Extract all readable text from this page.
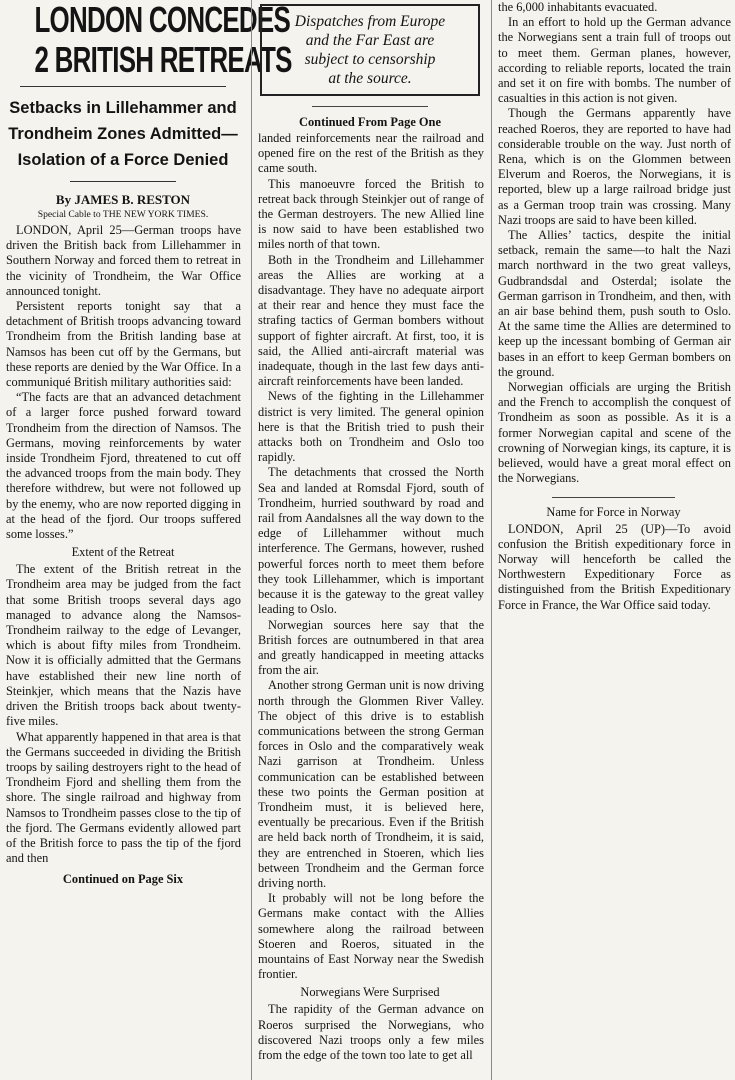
LONDON CONCEDES
2 BRITISH RETREATS
Setbacks in Lillehammer and
Trondheim Zones Admitted—
Isolation of a Force Denied
By JAMES B. RESTON
Special Cable to THE NEW YORK TIMES.

LONDON, April 25—German troops have driven the British back from Lillehammer in Southern Norway and forced them to retreat in the vicinity of Trondheim, the War Office announced tonight.

Persistent reports tonight say that a detachment of British troops advancing toward Trondheim from the British landing base at Namsos has been cut off by the Germans, but these reports are denied by the War Office. In a communiqué British military authorities said:

“The facts are that an advanced detachment of a larger force pushed forward toward Trondheim from the direction of Namsos. The Germans, moving reinforcements by water inside Trondheim Fjord, threatened to cut off the advanced troops from the main body. They therefore withdrew, but were not followed up by the enemy, who are now reported digging in at the head of the fjord. Our troops suffered some losses.”

Extent of the Retreat

The extent of the British retreat in the Trondheim area may be judged from the fact that some British troops several days ago managed to advance along the Namsos-Trondheim railway to the edge of Levanger, which is about fifty miles from Trondheim. Now it is officially admitted that the Germans have established their new line north of Steinkjer, which means that the Nazis have driven the British troops back about twenty-five miles.

What apparently happened in that area is that the Germans succeeded in dividing the British troops by sailing destroyers right to the head of Trondheim Fjord and shelling them from the shore. The single railroad and highway from Namsos to Trondheim passes close to the tip of the fjord. The Germans evidently allowed part of the British force to pass the tip of the fjord and then

Continued on Page Six
Dispatches from Europe
and the Far East are
subject to censorship
at the source.
Continued From Page One

landed reinforcements near the railroad and opened fire on the rest of the British as they came south.

This manoeuvre forced the British to retreat back through Steinkjer out of range of the German destroyers. The new Allied line is now said to have been established two miles north of that town.

Both in the Trondheim and Lillehammer areas the Allies are working at a disadvantage. They have no adequate airport at their rear and hence they must face the strafing tactics of German bombers without support of fighter aircraft. At first, too, it is said, the Allied anti-aircraft material was inadequate, though in the last few days anti-aircraft reinforcements have been landed.

News of the fighting in the Lillehammer district is very limited. The general opinion here is that the British tried to push their attacks both on Trondheim and Oslo too rapidly.

The detachments that crossed the North Sea and landed at Romsdal Fjord, south of Trondheim, hurried southward by road and rail from Aandalsnes all the way down to the edge of Lillehammer without much interference. The Germans, however, rushed powerful forces north to meet them before they took Lillehammer, which is important because it is the gateway to the great valley leading to Oslo.

Norwegian sources here say that the British forces are outnumbered in that area and greatly handicapped in meeting attacks from the air.

Another strong German unit is now driving north through the Glommen River Valley. The object of this drive is to establish communications between the strong German forces in Oslo and the comparatively weak Nazi garrison at Trondheim. Unless communication can be established between these two points the German position at Trondheim must, it is believed here, eventually be precarious. Even if the British are held back north of Trondheim, it is said, they are entrenched in Stoeren, which lies between Trondheim and the German force driving north.

It probably will not be long before the Germans make contact with the Allies somewhere along the railroad between Stoeren and Roeros, situated in the mountains of East Norway near the Swedish frontier.

Norwegians Were Surprised

The rapidity of the German advance on Roeros surprised the Norwegians, who discovered Nazi troops only a few miles from the edge of the town too late to get all

the 6,000 inhabitants evacuated.

In an effort to hold up the German advance the Norwegians sent a train full of troops out to meet them. German planes, however, according to reliable reports, located the train and set it on fire with bombs. The number of casualties in this action is not given.

Though the Germans apparently have reached Roeros, they are reported to have had considerable trouble on the way. Just north of Rena, which is on the Glommen between Elverum and Roeros, the Norwegians, it is reported, blew up a large railroad bridge just as a German troop train was crossing. Many Nazi troops are said to have been killed.

The Allies’ tactics, despite the initial setback, remain the same—to halt the Nazi march northward in the two great valleys, Gudbrandsdal and Osterdal; isolate the German garrison in Trondheim, and then, with an air base behind them, push south to Oslo. At the same time the Allies are determined to keep up the incessant bombing of German air bases in an effort to keep German bombers on the ground.

Norwegian officials are urging the British and the French to accomplish the conquest of Trondheim as soon as possible. As it is a former Norwegian capital and scene of the crowning of Norwegian kings, its capture, it is believed, would have a great moral effect on the Norwegians.

Name for Force in Norway

LONDON, April 25 (UP)—To avoid confusion the British expeditionary force in Norway will henceforth be called the Northwestern Expeditionary Force as distinguished from the British Expeditionary Force in France, the War Office said today.
